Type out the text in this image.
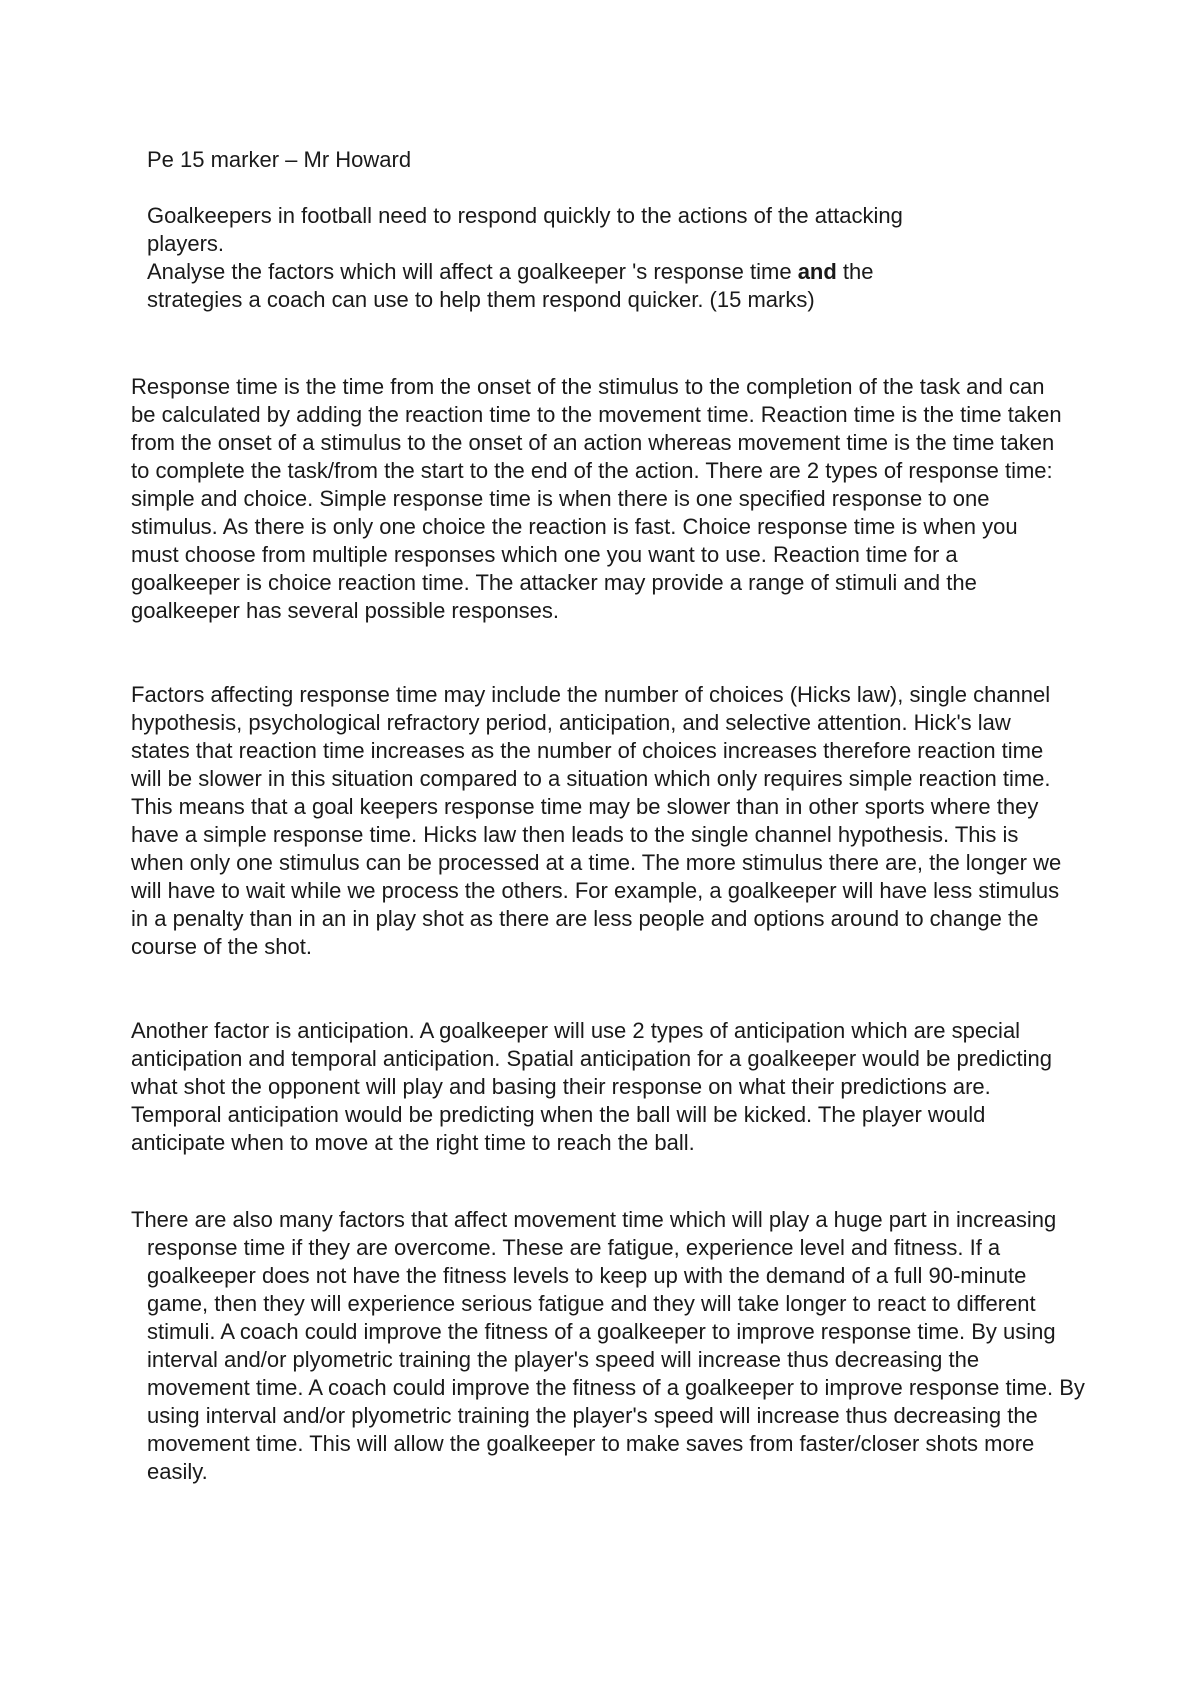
Pe 15 marker – Mr Howard

Goalkeepers in football need to respond quickly to the actions of the attacking

players.

Analyse the factors which will affect a goalkeeper 's response time and the

strategies a coach can use to help them respond quicker. (15 marks)

Response time is the time from the onset of the stimulus to the completion of the task and can be calculated by adding the reaction time to the movement time. Reaction time is the time taken from the onset of a stimulus to the onset of an action whereas movement time is the time taken to complete the task/from the start to the end of the action. There are 2 types of response time: simple and choice. Simple response time is when there is one specified response to one stimulus. As there is only one choice the reaction is fast. Choice response time is when you must choose from multiple responses which one you want to use. Reaction time for a goalkeeper is choice reaction time. The attacker may provide a range of stimuli and the goalkeeper has several possible responses.

Factors affecting response time may include the number of choices (Hicks law), single channel hypothesis, psychological refractory period, anticipation, and selective attention. Hick's law states that reaction time increases as the number of choices increases therefore reaction time will be slower in this situation compared to a situation which only requires simple reaction time. This means that a goal keepers response time may be slower than in other sports where they have a simple response time. Hicks law then leads to the single channel hypothesis. This is when only one stimulus can be processed at a time. The more stimulus there are, the longer we will have to wait while we process the others. For example, a goalkeeper will have less stimulus in a penalty than in an in play shot as there are less people and options around to change the course of the shot.

Another factor is anticipation. A goalkeeper will use 2 types of anticipation which are special anticipation and temporal anticipation. Spatial anticipation for a goalkeeper would be predicting what shot the opponent will play and basing their response on what their predictions are. Temporal anticipation would be predicting when the ball will be kicked. The player would anticipate when to move at the right time to reach the ball.

There are also many factors that affect movement time which will play a huge part in increasing response time if they are overcome. These are fatigue, experience level and fitness. If a goalkeeper does not have the fitness levels to keep up with the demand of a full 90-minute game, then they will experience serious fatigue and they will take longer to react to different stimuli. A coach could improve the fitness of a goalkeeper to improve response time. By using interval and/or plyometric training the player's speed will increase thus decreasing the movement time. A coach could improve the fitness of a goalkeeper to improve response time. By using interval and/or plyometric training the player's speed will increase thus decreasing the movement time. This will allow the goalkeeper to make saves from faster/closer shots more easily.
